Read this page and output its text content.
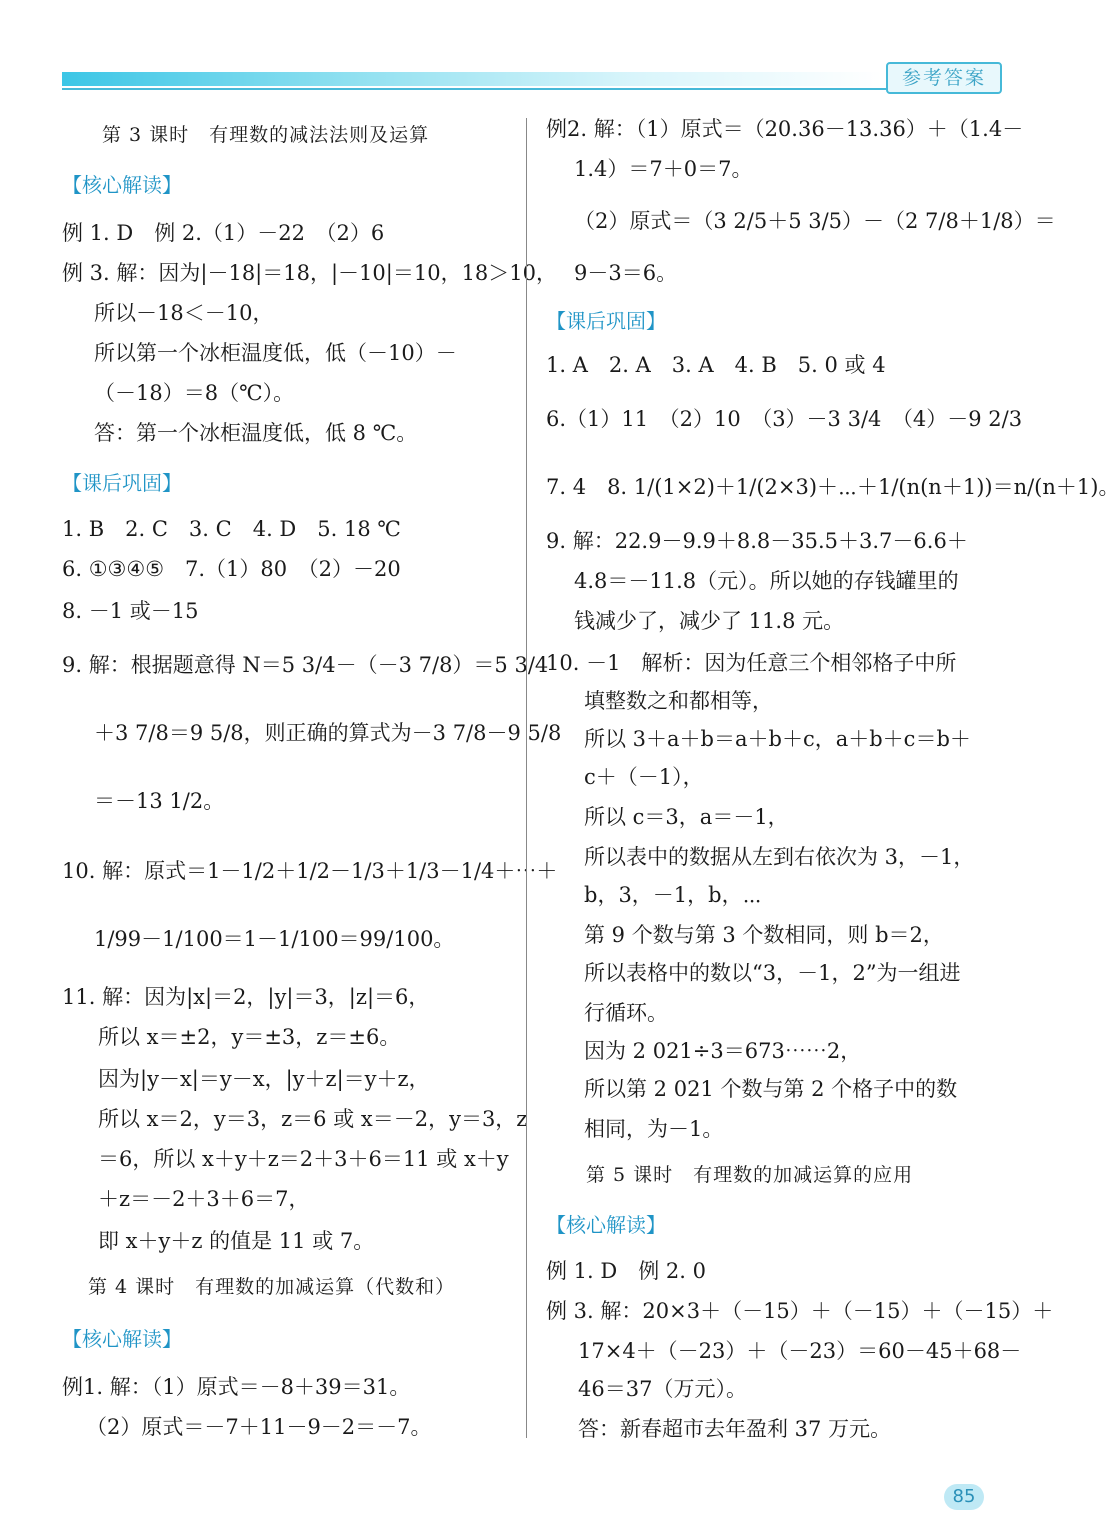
参考答案
第 3 课时　有理数的减法法则及运算
【核心解读】
例 1. D　例 2.（1）－22　（2）6
例 3. 解：因为|－18|＝18，|－10|＝10，18＞10，
所以－18＜－10，
所以第一个冰柜温度低，低（－10）－
（－18）＝8（℃）。
答：第一个冰柜温度低，低 8 ℃。
【课后巩固】
1. B　2. C　3. C　4. D　5. 18 ℃
6. ①③④⑤　7.（1）80　（2）－20
8. －1 或－15
9. 解：根据题意得 N＝5 3/4－（－3 7/8）＝5 3/4
＋3 7/8＝9 5/8，则正确的算式为－3 7/8－9 5/8
＝－13 1/2。
10. 解：原式＝1－1/2＋1/2－1/3＋1/3－1/4＋⋯＋
1/99－1/100＝1－1/100＝99/100。
11. 解：因为|x|＝2，|y|＝3，|z|＝6，
所以 x＝±2，y＝±3，z＝±6。
因为|y－x|＝y－x，|y＋z|＝y＋z，
所以 x＝2，y＝3，z＝6 或 x＝－2，y＝3，z
＝6，所以 x＋y＋z＝2＋3＋6＝11 或 x＋y
＋z＝－2＋3＋6＝7，
即 x＋y＋z 的值是 11 或 7。
第 4 课时　有理数的加减运算（代数和）
【核心解读】
例1. 解：（1）原式＝－8＋39＝31。
（2）原式＝－7＋11－9－2＝－7。
例2. 解：（1）原式＝（20.36－13.36）＋（1.4－
1.4）＝7＋0＝7。
（2）原式＝（3 2/5＋5 3/5）－（2 7/8＋1/8）＝
9－3＝6。
【课后巩固】
1. A　2. A　3. A　4. B　5. 0 或 4
6.（1）11　（2）10　（3）－3 3/4　（4）－9 2/3
7. 4　8. 1/(1×2)＋1/(2×3)＋⋯＋1/(n(n＋1))＝n/(n＋1)。
9. 解：22.9－9.9＋8.8－35.5＋3.7－6.6＋
4.8＝－11.8（元）。所以她的存钱罐里的
钱减少了，减少了 11.8 元。
10. －1　解析：因为任意三个相邻格子中所
填整数之和都相等，
所以 3＋a＋b＝a＋b＋c，a＋b＋c＝b＋
c＋（－1），
所以 c＝3，a＝－1，
所以表中的数据从左到右依次为 3，－1，
b，3，－1，b，⋯
第 9 个数与第 3 个数相同，则 b＝2，
所以表格中的数以“3，－1，2”为一组进
行循环。
因为 2 021÷3＝673⋯⋯2，
所以第 2 021 个数与第 2 个格子中的数
相同，为－1。
第 5 课时　有理数的加减运算的应用
【核心解读】
例 1. D　例 2. 0
例 3. 解：20×3＋（－15）＋（－15）＋（－15）＋
17×4＋（－23）＋（－23）＝60－45＋68－
46＝37（万元）。
答：新春超市去年盈利 37 万元。
85
